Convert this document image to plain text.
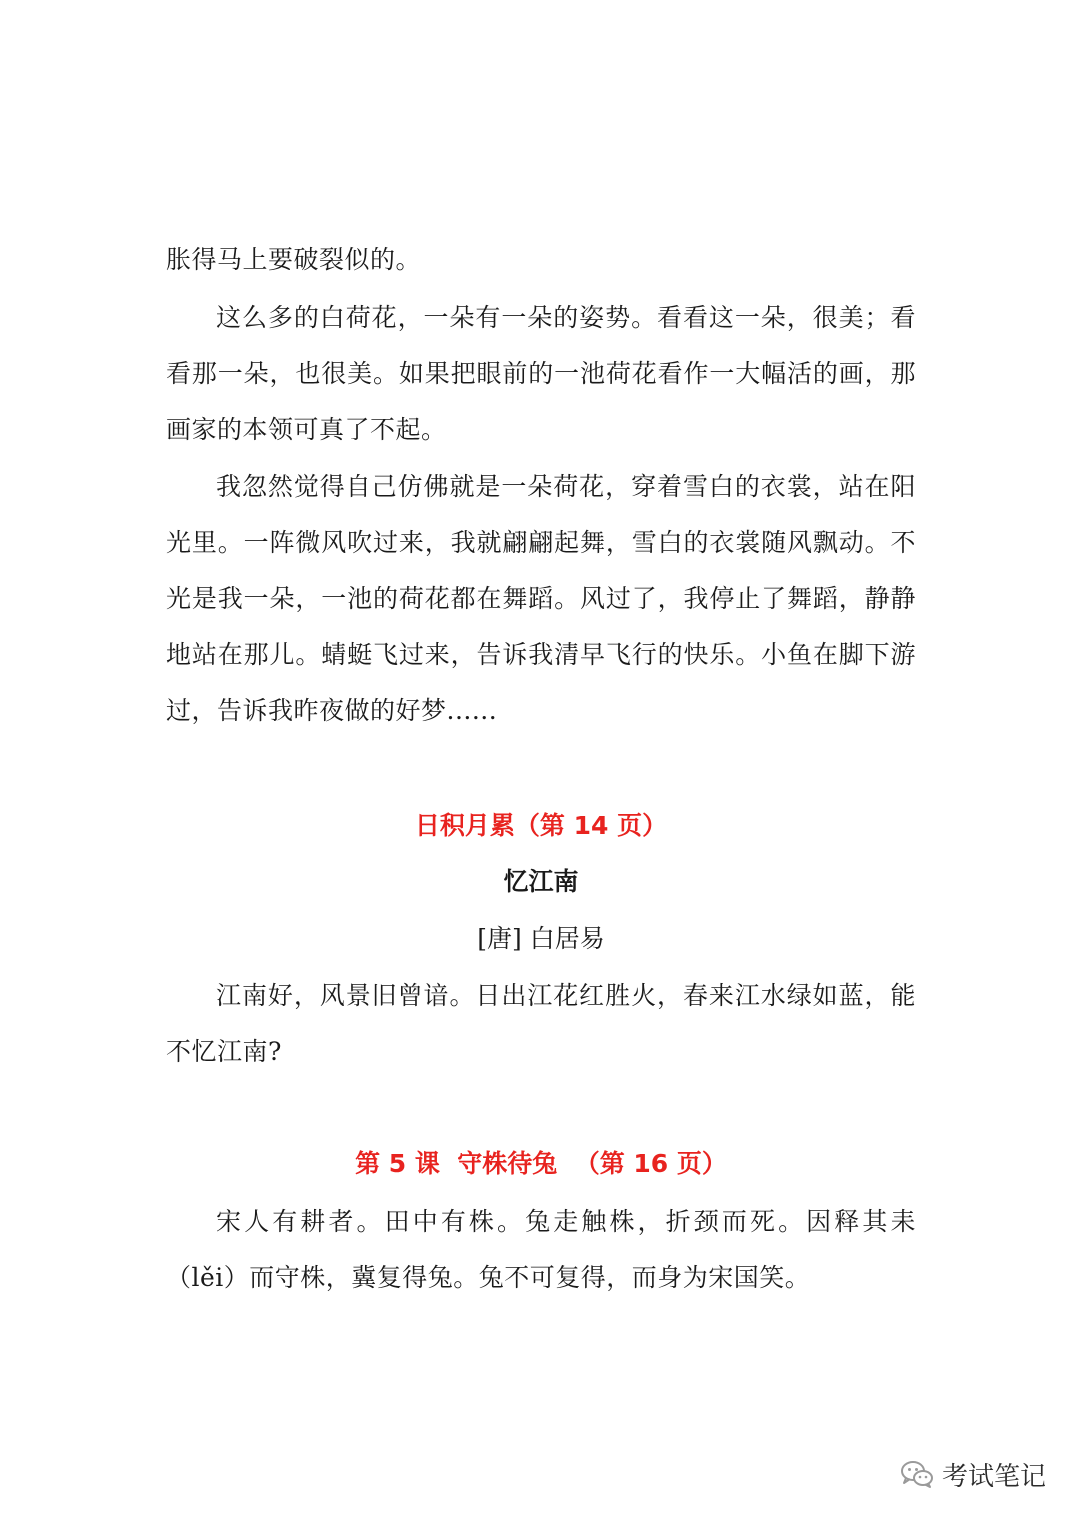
胀得马上要破裂似的。

这么多的白荷花，一朵有一朵的姿势。看看这一朵，很美；看看那一朵，也很美。如果把眼前的一池荷花看作一大幅活的画，那画家的本领可真了不起。

我忽然觉得自己仿佛就是一朵荷花，穿着雪白的衣裳，站在阳光里。一阵微风吹过来，我就翩翩起舞，雪白的衣裳随风飘动。不光是我一朵，一池的荷花都在舞蹈。风过了，我停止了舞蹈，静静地站在那儿。蜻蜓飞过来，告诉我清早飞行的快乐。小鱼在脚下游过，告诉我昨夜做的好梦......

日积月累（第 14 页）
忆江南

[唐] 白居易

江南好，风景旧曾谙。日出江花红胜火，春来江水绿如蓝，能不忆江南?

第 5 课  守株待兔  （第 16 页）

宋人有耕者。田中有株。兔走触株，折颈而死。因释其耒（lěi）而守株，冀复得兔。兔不可复得，而身为宋国笑。

考试笔记
